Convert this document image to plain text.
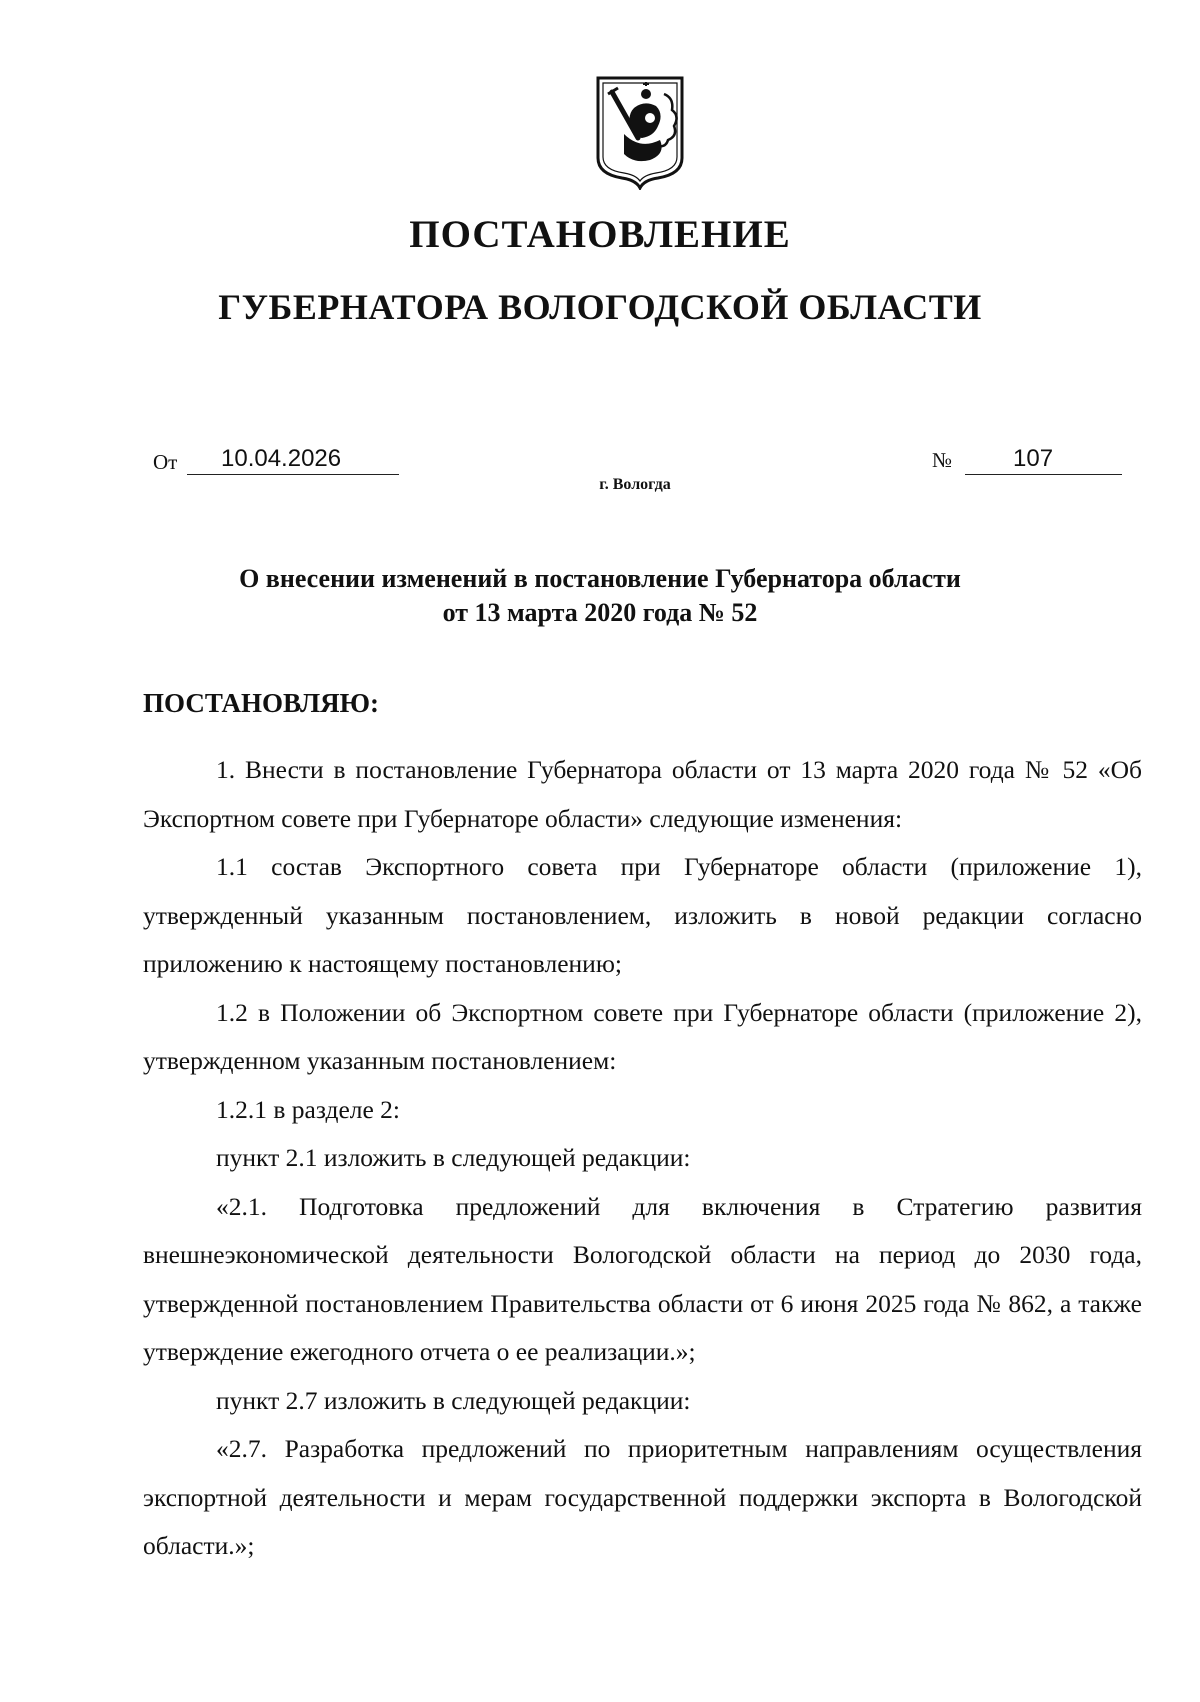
ПОСТАНОВЛЕНИЕ
ГУБЕРНАТОРА ВОЛОГОДСКОЙ ОБЛАСТИ
От	10.04.2026	№	107
г. Вологда
О внесении изменений в постановление Губернатора области
от 13 марта 2020 года № 52
ПОСТАНОВЛЯЮ:

1. Внести в постановление Губернатора области от 13 марта 2020 года № 52 «Об Экспортном совете при Губернаторе области» следующие изменения:

1.1 состав Экспортного совета при Губернаторе области (приложение 1), утвержденный указанным постановлением, изложить в новой редакции согласно приложению к настоящему постановлению;

1.2 в Положении об Экспортном совете при Губернаторе области (приложение 2), утвержденном указанным постановлением:

1.2.1 в разделе 2:

пункт 2.1 изложить в следующей редакции:

«2.1. Подготовка предложений для включения в Стратегию развития внешнеэкономической деятельности Вологодской области на период до 2030 года, утвержденной постановлением Правительства области от 6 июня 2025 года № 862, а также утверждение ежегодного отчета о ее реализации.»;

пункт 2.7 изложить в следующей редакции:

«2.7. Разработка предложений по приоритетным направлениям осуществления экспортной деятельности и мерам государственной поддержки экспорта в Вологодской области.»;
